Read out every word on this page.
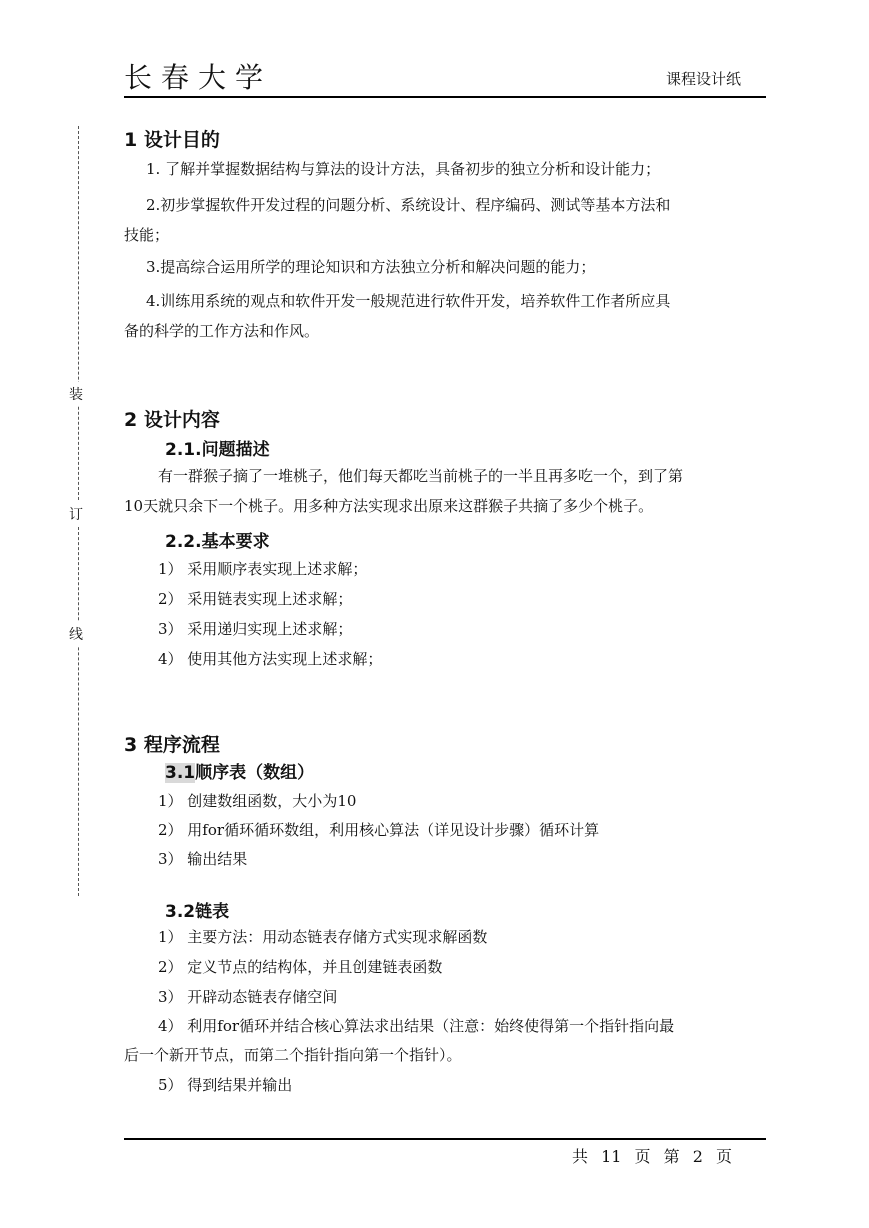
长春大学	课程设计纸
装
订
线
1 设计目的
1. 了解并掌握数据结构与算法的设计方法，具备初步的独立分析和设计能力；
2.初步掌握软件开发过程的问题分析、系统设计、程序编码、测试等基本方法和
技能；
3.提高综合运用所学的理论知识和方法独立分析和解决问题的能力；
4.训练用系统的观点和软件开发一般规范进行软件开发，培养软件工作者所应具
备的科学的工作方法和作风。
2 设计内容
2.1.问题描述
有一群猴子摘了一堆桃子，他们每天都吃当前桃子的一半且再多吃一个，到了第
10天就只余下一个桃子。用多种方法实现求出原来这群猴子共摘了多少个桃子。
2.2.基本要求
1） 采用顺序表实现上述求解；
2） 采用链表实现上述求解；
3） 采用递归实现上述求解；
4） 使用其他方法实现上述求解；
3 程序流程
3.1顺序表（数组）
1） 创建数组函数，大小为10
2） 用for循环循环数组，利用核心算法（详见设计步骤）循环计算
3） 输出结果
3.2链表
1） 主要方法：用动态链表存储方式实现求解函数
2） 定义节点的结构体，并且创建链表函数
3） 开辟动态链表存储空间
4） 利用for循环并结合核心算法求出结果（注意：始终使得第一个指针指向最
后一个新开节点，而第二个指针指向第一个指针）。
5） 得到结果并输出
共 11 页 第 2 页
